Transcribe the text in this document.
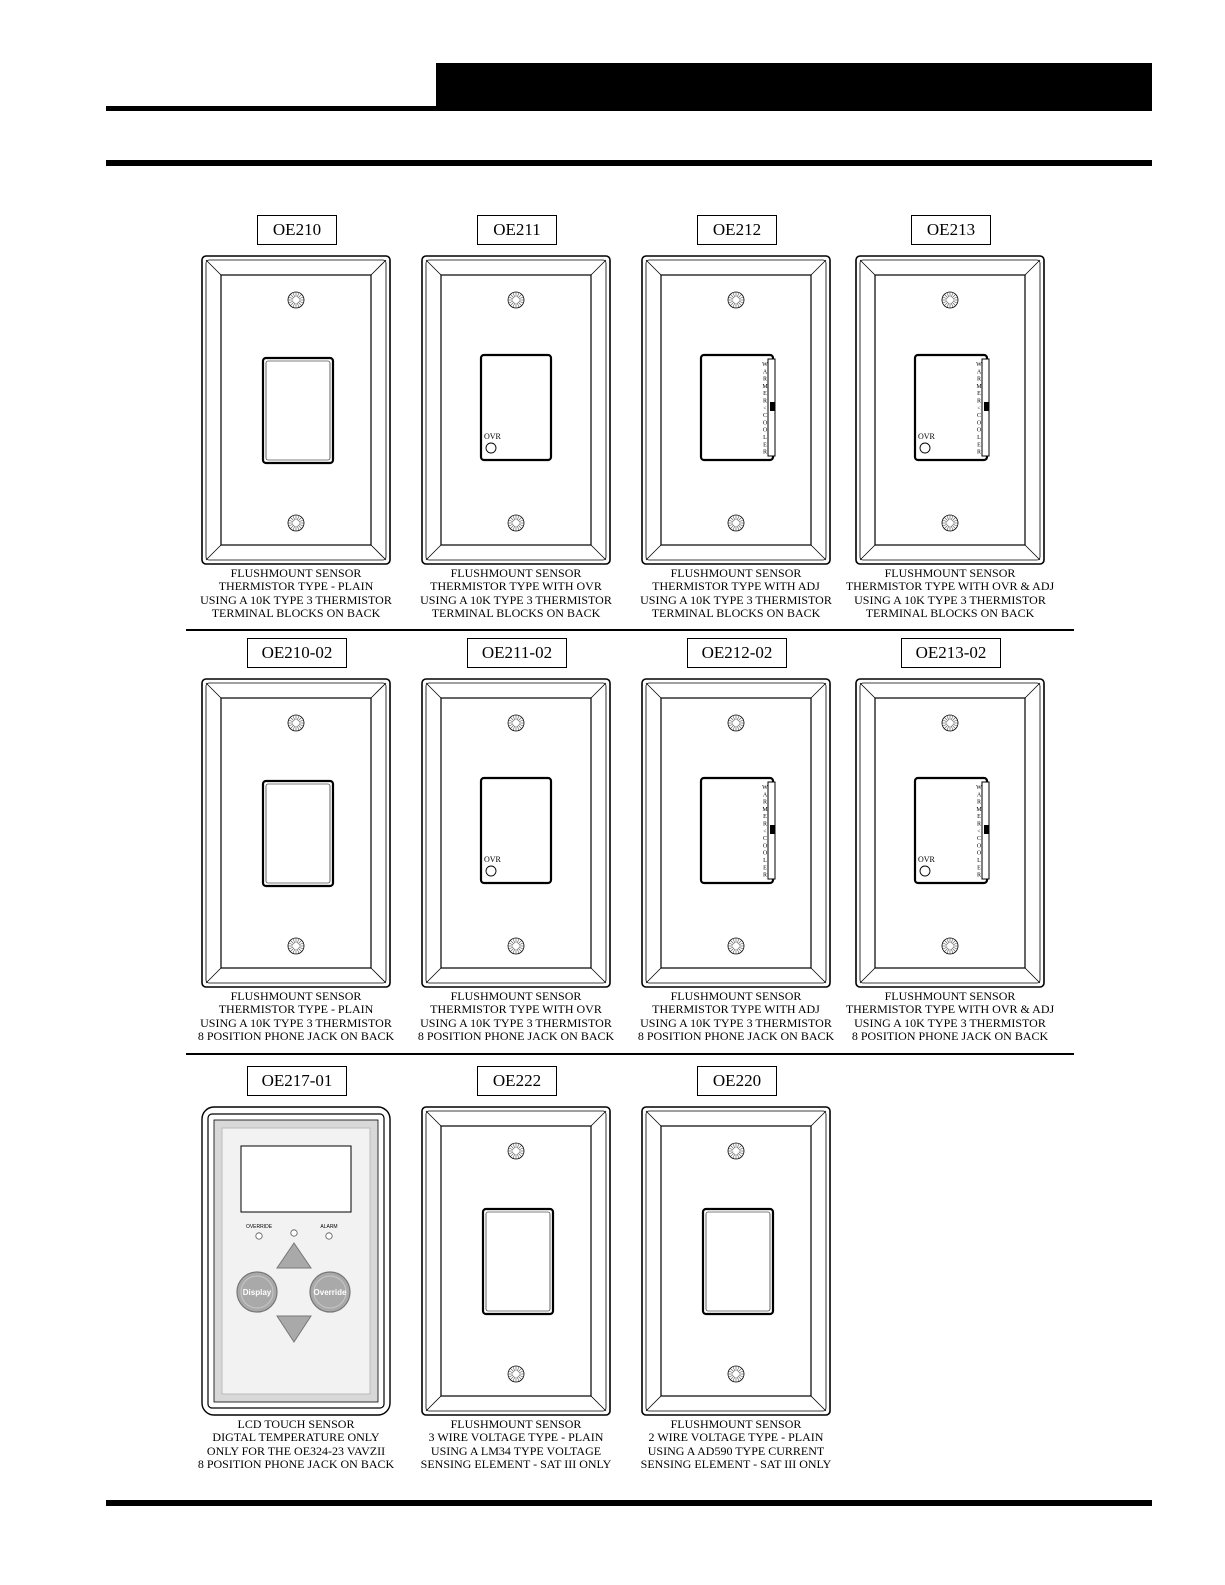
OE210
FLUSHMOUNT SENSOR
THERMISTOR TYPE - PLAIN
USING A 10K TYPE 3 THERMISTOR
TERMINAL BLOCKS ON BACK
OE211
OVR
FLUSHMOUNT SENSOR
THERMISTOR TYPE WITH OVR
USING A 10K TYPE 3 THERMISTOR
TERMINAL BLOCKS ON BACK
OE212
W
A
R
M
E
R
<
C
O
O
L
E
R
FLUSHMOUNT SENSOR
THERMISTOR TYPE WITH ADJ
USING A 10K TYPE 3 THERMISTOR
TERMINAL BLOCKS ON BACK
OE213
OVR
W
A
R
M
E
R
<
C
O
O
L
E
R
FLUSHMOUNT SENSOR
THERMISTOR TYPE WITH OVR & ADJ
USING A 10K TYPE 3 THERMISTOR
TERMINAL BLOCKS ON BACK
OE210-02
FLUSHMOUNT SENSOR
THERMISTOR TYPE - PLAIN
USING A 10K TYPE 3 THERMISTOR
8 POSITION PHONE JACK ON BACK
OE211-02
OVR
FLUSHMOUNT SENSOR
THERMISTOR TYPE WITH OVR
USING A 10K TYPE 3 THERMISTOR
8 POSITION PHONE JACK ON BACK
OE212-02
W
A
R
M
E
R
<
C
O
O
L
E
R
FLUSHMOUNT SENSOR
THERMISTOR TYPE WITH ADJ
USING A 10K TYPE 3 THERMISTOR
8 POSITION PHONE JACK ON BACK
OE213-02
OVR
W
A
R
M
E
R
<
C
O
O
L
E
R
FLUSHMOUNT SENSOR
THERMISTOR TYPE WITH OVR & ADJ
USING A 10K TYPE 3 THERMISTOR
8 POSITION PHONE JACK ON BACK
OE217-01
OVERRIDE	ALARM
Display	Override
LCD TOUCH SENSOR
DIGTAL TEMPERATURE ONLY
ONLY FOR THE OE324-23 VAVZII
8 POSITION PHONE JACK ON BACK
OE222
FLUSHMOUNT SENSOR
3 WIRE VOLTAGE TYPE - PLAIN
USING A LM34 TYPE VOLTAGE
SENSING ELEMENT - SAT III ONLY
OE220
FLUSHMOUNT SENSOR
2 WIRE VOLTAGE TYPE - PLAIN
USING A AD590 TYPE CURRENT
SENSING ELEMENT - SAT III ONLY
